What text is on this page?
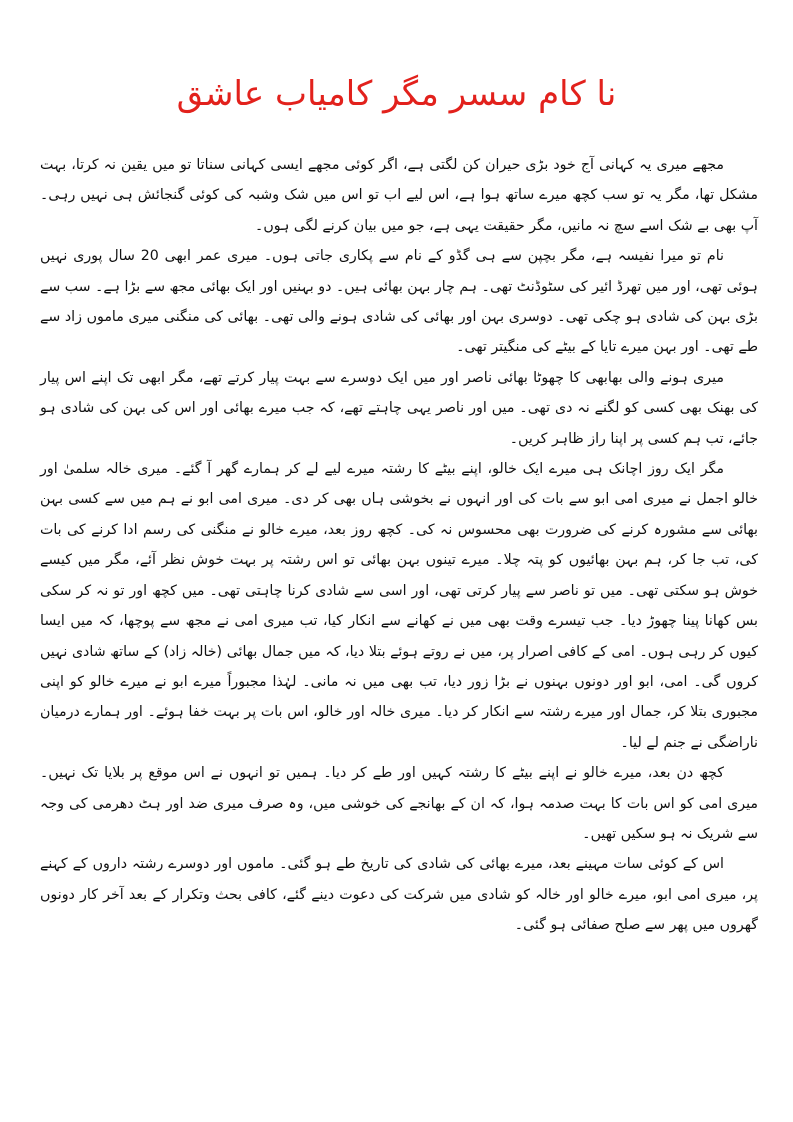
نا کام سسر مگر کامیاب عاشق

مجھے میری یہ کہانی آج خود بڑی حیران کن لگتی ہے، اگر کوئی مجھے ایسی کہانی سناتا تو میں یقین نہ کرتا، بہت مشکل تھا، مگر یہ تو سب کچھ میرے ساتھ ہوا ہے، اس لیے اب تو اس میں شک وشبہ کی کوئی گنجائش ہی نہیں رہی۔ آپ بھی بے شک اسے سچ نہ مانیں، مگر حقیقت یہی ہے، جو میں بیان کرنے لگی ہوں۔

نام تو میرا نفیسہ ہے، مگر بچپن سے ہی گڈو کے نام سے پکاری جاتی ہوں۔ میری عمر ابھی 20 سال پوری نہیں ہوئی تھی، اور میں تھرڈ ائیر کی سٹوڈنٹ تھی۔ ہم چار بہن بھائی ہیں۔ دو بہنیں اور ایک بھائی مجھ سے بڑا ہے۔ سب سے بڑی بہن کی شادی ہو چکی تھی۔ دوسری بہن اور بھائی کی شادی ہونے والی تھی۔ بھائی کی منگنی میری ماموں زاد سے طے تھی۔ اور بہن میرے تایا کے بیٹے کی منگیتر تھی۔

میری ہونے والی بھابھی کا چھوٹا بھائی ناصر اور میں ایک دوسرے سے بہت پیار کرتے تھے، مگر ابھی تک اپنے اس پیار کی بھنک بھی کسی کو لگنے نہ دی تھی۔ میں اور ناصر یہی چاہتے تھے، کہ جب میرے بھائی اور اس کی بہن کی شادی ہو جائے، تب ہم کسی پر اپنا راز ظاہر کریں۔

مگر ایک روز اچانک ہی میرے ایک خالو، اپنے بیٹے کا رشتہ میرے لیے لے کر ہمارے گھر آ گئے۔ میری خالہ سلمیٰ اور خالو اجمل نے میری امی ابو سے بات کی اور انہوں نے بخوشی ہاں بھی کر دی۔ میری امی ابو نے ہم میں سے کسی بہن بھائی سے مشورہ کرنے کی ضرورت بھی محسوس نہ کی۔ کچھ روز بعد، میرے خالو نے منگنی کی رسم ادا کرنے کی بات کی، تب جا کر، ہم بہن بھائیوں کو پتہ چلا۔ میرے تینوں بہن بھائی تو اس رشتہ پر بہت خوش نظر آئے، مگر میں کیسے خوش ہو سکتی تھی۔ میں تو ناصر سے پیار کرتی تھی، اور اسی سے شادی کرنا چاہتی تھی۔ میں کچھ اور تو نہ کر سکی بس کھانا پینا چھوڑ دیا۔ جب تیسرے وقت بھی میں نے کھانے سے انکار کیا، تب میری امی نے مجھ سے پوچھا، کہ میں ایسا کیوں کر رہی ہوں۔ امی کے کافی اصرار پر، میں نے روتے ہوئے بتلا دیا، کہ میں جمال بھائی (خالہ زاد) کے ساتھ شادی نہیں کروں گی۔ امی، ابو اور دونوں بہنوں نے بڑا زور دیا، تب بھی میں نہ مانی۔ لہٰذا مجبوراً میرے ابو نے میرے خالو کو اپنی مجبوری بتلا کر، جمال اور میرے رشتہ سے انکار کر دیا۔ میری خالہ اور خالو، اس بات پر بہت خفا ہوئے۔ اور ہمارے درمیان ناراضگی نے جنم لے لیا۔

کچھ دن بعد، میرے خالو نے اپنے بیٹے کا رشتہ کہیں اور طے کر دیا۔ ہمیں تو انہوں نے اس موقع پر بلایا تک نہیں۔ میری امی کو اس بات کا بہت صدمہ ہوا، کہ ان کے بھانجے کی خوشی میں، وہ صرف میری ضد اور ہٹ دھرمی کی وجہ سے شریک نہ ہو سکیں تھیں۔

اس کے کوئی سات مہینے بعد، میرے بھائی کی شادی کی تاریخ طے ہو گئی۔ ماموں اور دوسرے رشتہ داروں کے کہنے پر، میری امی ابو، میرے خالو اور خالہ کو شادی میں شرکت کی دعوت دینے گئے، کافی بحث وتکرار کے بعد آخر کار دونوں گھروں میں پھر سے صلح صفائی ہو گئی۔
